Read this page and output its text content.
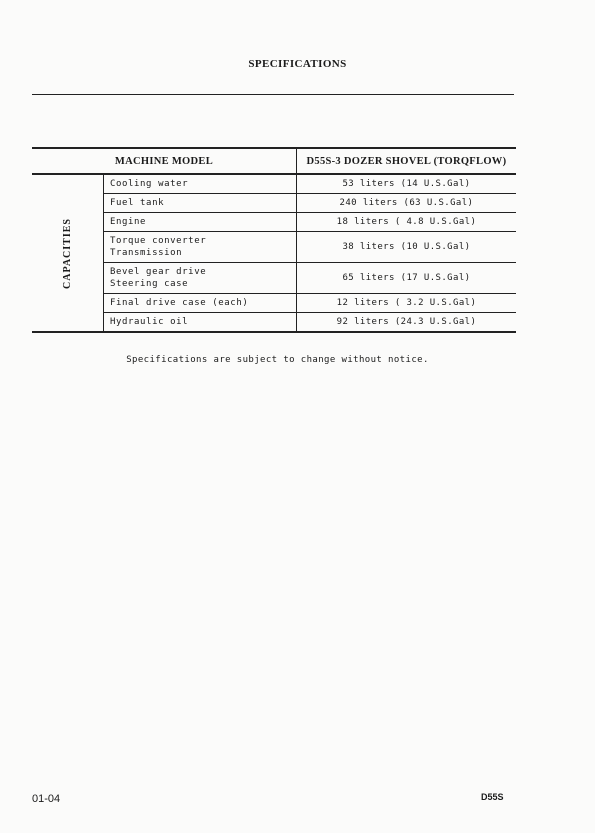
SPECIFICATIONS
MACHINE MODEL		D55S-3 DOZER SHOVEL (TORQFLOW)
CAPACITIES	Cooling water	53 liters (14 U.S.Gal)
	Fuel tank	240 liters (63 U.S.Gal)
	Engine	18 liters ( 4.8 U.S.Gal)
	Torque converter
Transmission	38 liters (10 U.S.Gal)
	Bevel gear drive
Steering case	65 liters (17 U.S.Gal)
	Final drive case (each)	12 liters ( 3.2 U.S.Gal)
	Hydraulic oil	92 liters (24.3 U.S.Gal)
Specifications are subject to change without notice.
01-04	D55S
